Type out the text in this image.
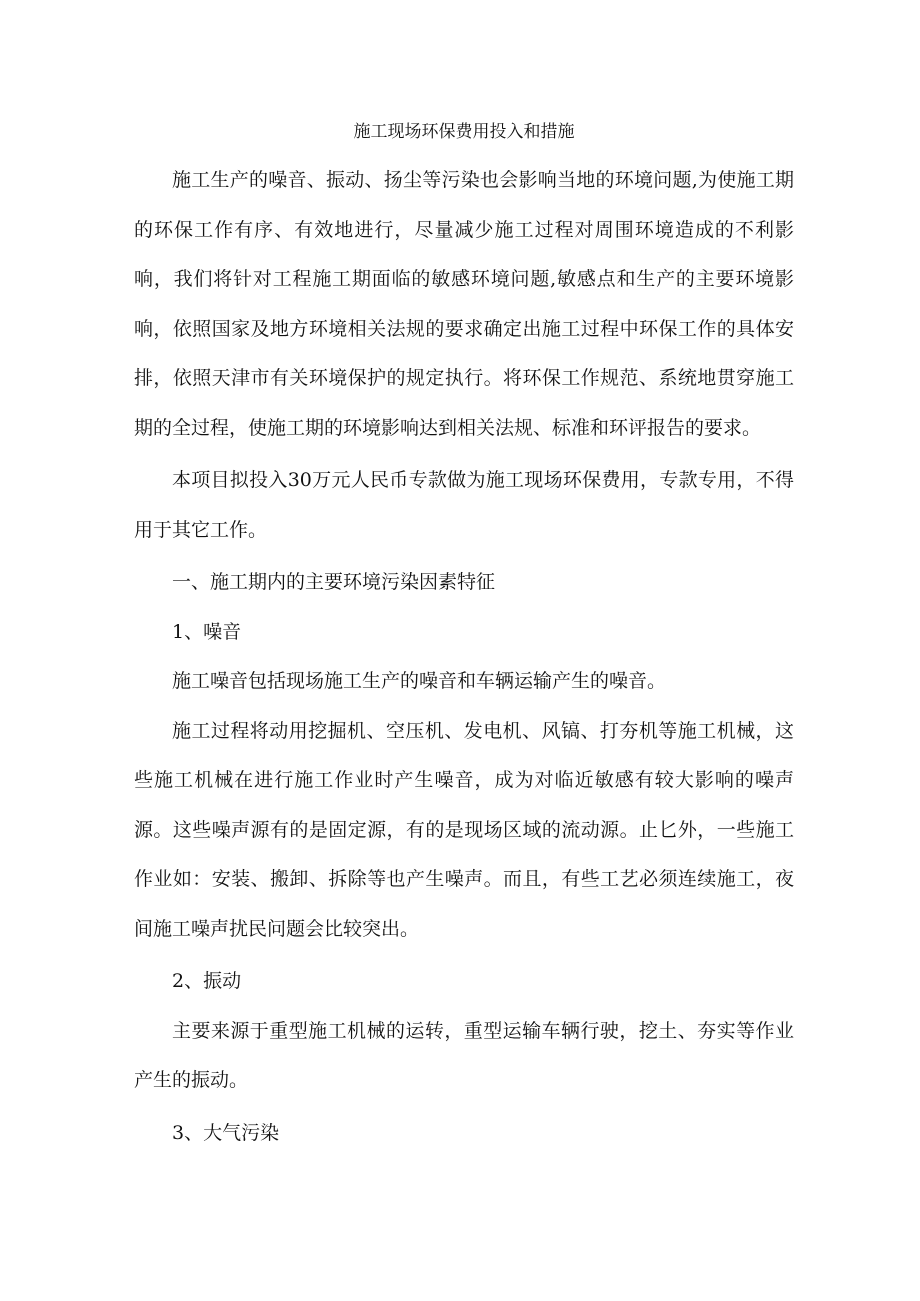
施工现场环保费用投入和措施

施工生产的噪音、振动、扬尘等污染也会影响当地的环境问题,为使施工期的环保工作有序、有效地进行，尽量减少施工过程对周围环境造成的不利影响，我们将针对工程施工期面临的敏感环境问题,敏感点和生产的主要环境影响，依照国家及地方环境相关法规的要求确定出施工过程中环保工作的具体安排，依照天津市有关环境保护的规定执行。将环保工作规范、系统地贯穿施工期的全过程，使施工期的环境影响达到相关法规、标准和环评报告的要求。

本项目拟投入30万元人民币专款做为施工现场环保费用，专款专用，不得用于其它工作。

一、施工期内的主要环境污染因素特征

1、噪音

施工噪音包括现场施工生产的噪音和车辆运输产生的噪音。

施工过程将动用挖掘机、空压机、发电机、风镐、打夯机等施工机械，这些施工机械在进行施工作业时产生噪音，成为对临近敏感有较大影响的噪声源。这些噪声源有的是固定源，有的是现场区域的流动源。止匕外，一些施工作业如：安装、搬卸、拆除等也产生噪声。而且，有些工艺必须连续施工，夜间施工噪声扰民问题会比较突出。

2、振动

主要来源于重型施工机械的运转，重型运输车辆行驶，挖土、夯实等作业产生的振动。

3、大气污染
